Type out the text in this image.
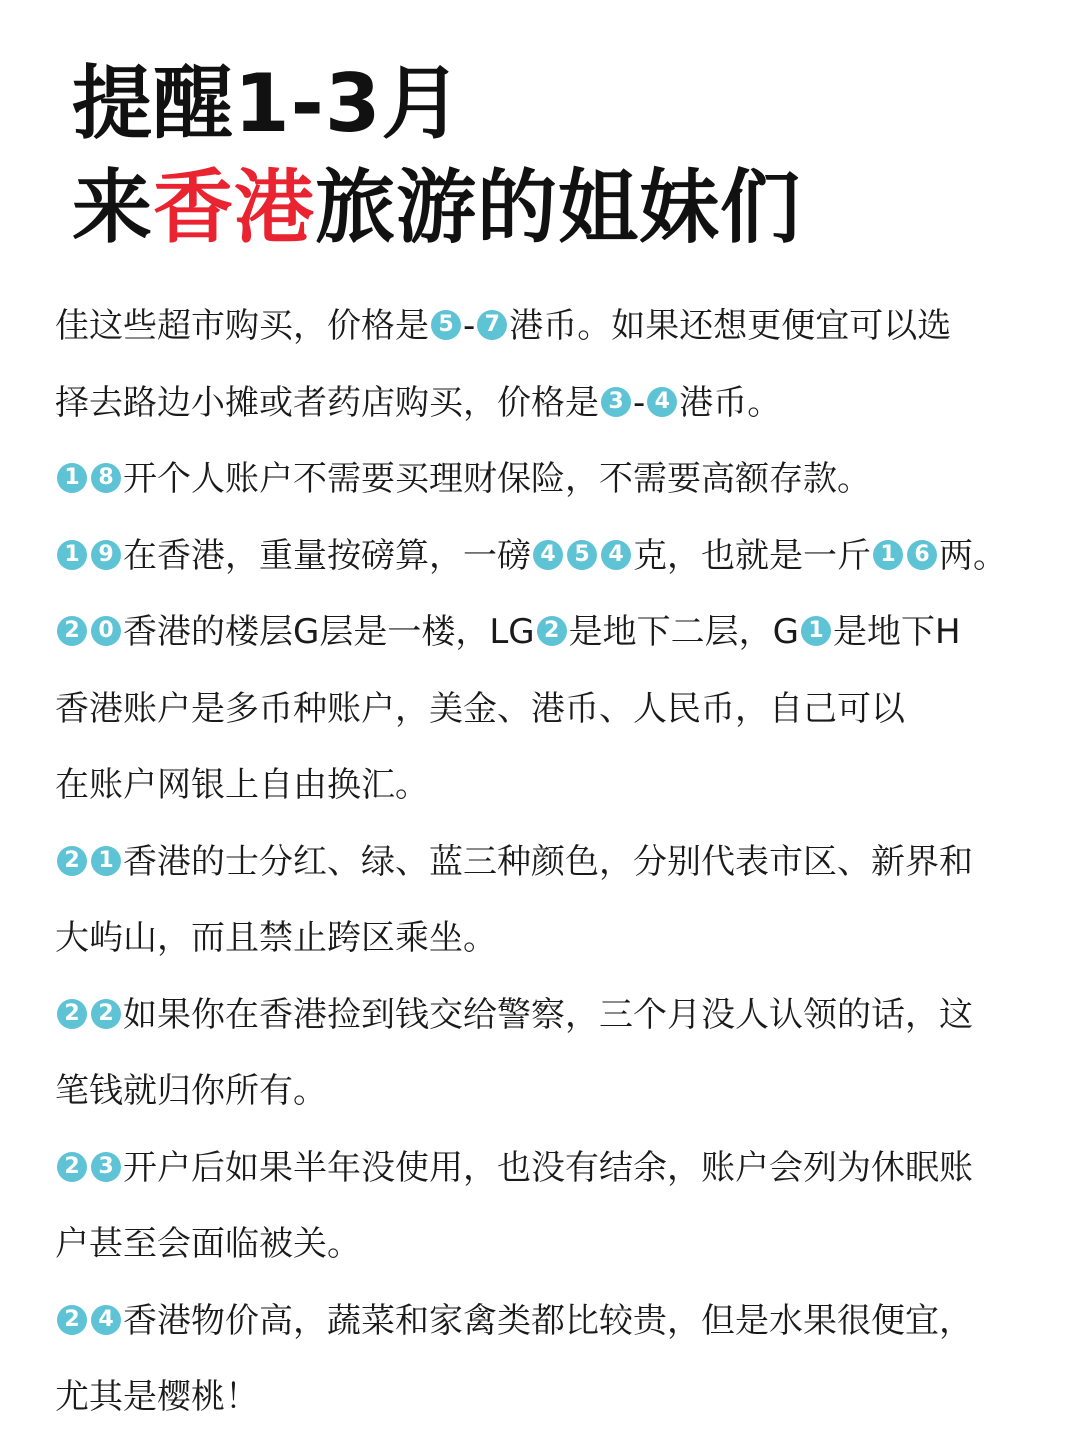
提醒1-3月
来香港旅游的姐妹们
佳这些超市购买，价格是 5 - 7 港币。如果还想更便宜可以选
择去路边小摊或者药店购买，价格是 3 - 4 港币。
1 8 开个人账户不需要买理财保险，不需要高额存款。
1 9 在香港，重量按磅算，一磅 4 5 4 克，也就是一斤 1 6 两。
2 0 香港的楼层G层是一楼，LG 2 是地下二层，G 1 是地下H
香港账户是多币种账户，美金、港币、人民币，自己可以
在账户网银上自由换汇。
2 1 香港的士分红、绿、蓝三种颜色，分别代表市区、新界和
大屿山，而且禁止跨区乘坐。
2 2 如果你在香港捡到钱交给警察，三个月没人认领的话，这
笔钱就归你所有。
2 3 开户后如果半年没使用，也没有结余，账户会列为休眠账
户甚至会面临被关。
2 4 香港物价高，蔬菜和家禽类都比较贵，但是水果很便宜，
尤其是樱桃！
